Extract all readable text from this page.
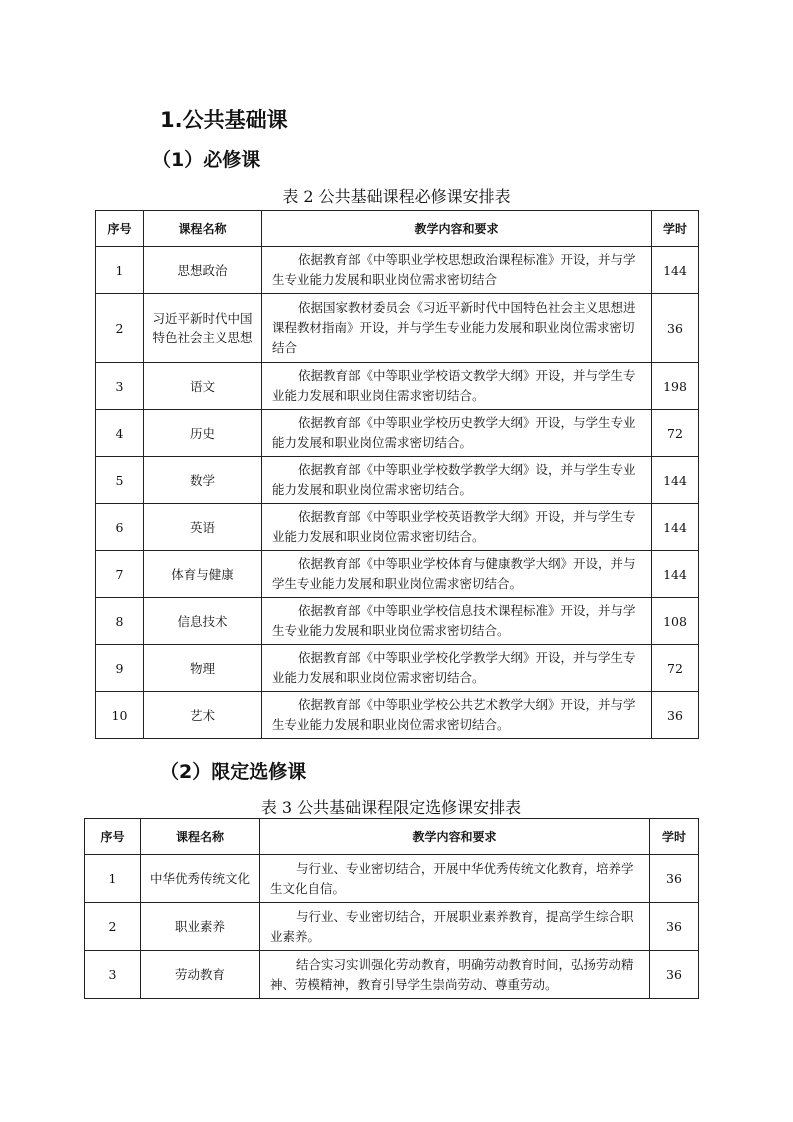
1.公共基础课
（1）必修课
表 2 公共基础课程必修课安排表
序号	课程名称	教学内容和要求	学时
1	思想政治	依据教育部《中等职业学校思想政治课程标准》开设，并与学生专业能力发展和职业岗位需求密切结合	144
2	习近平新时代中国特色社会主义思想	依据国家教材委员会《习近平新时代中国特色社会主义思想进课程教材指南》开设，并与学生专业能力发展和职业岗位需求密切结合	36
3	语文	依据教育部《中等职业学校语文教学大纲》开设，并与学生专业能力发展和职业岗住需求密切结合。	198
4	历史	依据教育部《中等职业学校历史教学大纲》开设，与学生专业能力发展和职业岗位需求密切结合。	72
5	数学	依据教育部《中等职业学校数学教学大纲》设，并与学生专业能力发展和职业岗位需求密切结合。	144
6	英语	依据教育部《中等职业学校英语教学大纲》开设，并与学生专业能力发展和职业岗位需求密切结合。	144
7	体育与健康	依据教育部《中等职业学校体育与健康教学大纲》开设，并与学生专业能力发展和职业岗位需求密切结合。	144
8	信息技术	依据教育部《中等职业学校信息技术课程标准》开设，并与学生专业能力发展和职业岗位需求密切结合。	108
9	物理	依据教育部《中等职业学校化学教学大纲》开设，并与学生专业能力发展和职业岗位需求密切结合。	72
10	艺术	依据教育部《中等职业学校公共艺术教学大纲》开设，并与学生专业能力发展和职业岗位需求密切结合。	36
（2）限定选修课
表 3 公共基础课程限定选修课安排表
序号	课程名称	教学内容和要求	学时
1	中华优秀传统文化	与行业、专业密切结合，开展中华优秀传统文化教育，培养学生文化自信。	36
2	职业素养	与行业、专业密切结合，开展职业素养教育，提高学生综合职业素养。	36
3	劳动教育	结合实习实训强化劳动教育，明确劳动教育时间，弘扬劳动精神、劳模精神，教育引导学生崇尚劳动、尊重劳动。	36
